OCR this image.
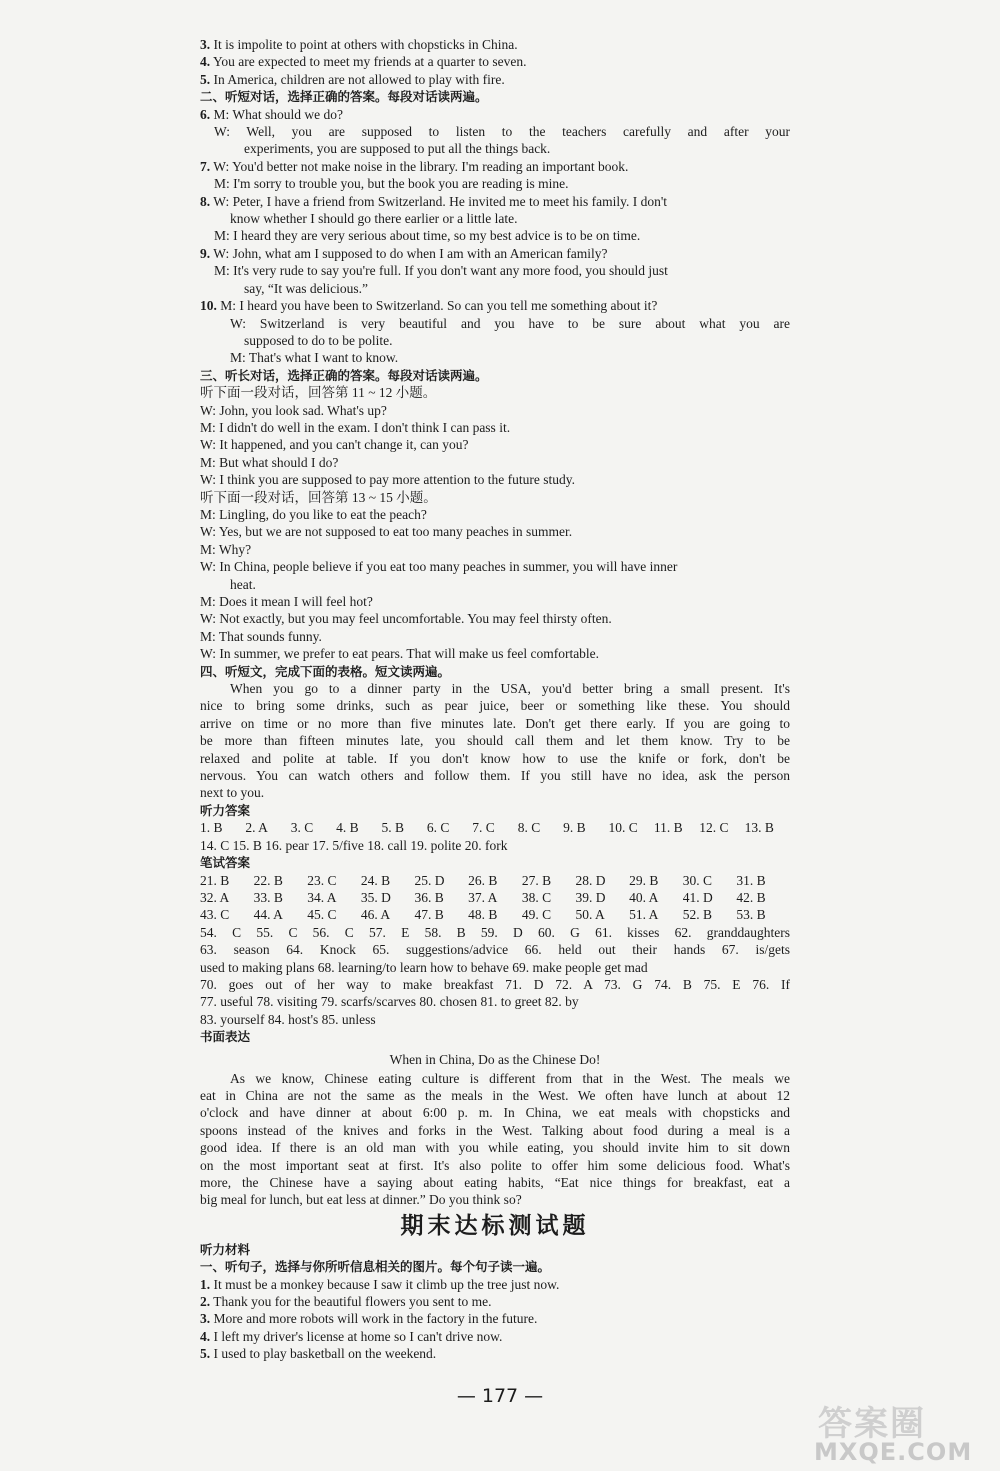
3. It is impolite to point at others with chopsticks in China.
4. You are expected to meet my friends at a quarter to seven.
5. In America, children are not allowed to play with fire.
二、听短对话，选择正确的答案。每段对话读两遍。
6. M: What should we do?
W: Well, you are supposed to listen to the teachers carefully and after your
experiments, you are supposed to put all the things back.
7. W: You'd better not make noise in the library. I'm reading an important book.
M: I'm sorry to trouble you, but the book you are reading is mine.
8. W: Peter, I have a friend from Switzerland. He invited me to meet his family. I don't
know whether I should go there earlier or a little late.
M: I heard they are very serious about time, so my best advice is to be on time.
9. W: John, what am I supposed to do when I am with an American family?
M: It's very rude to say you're full. If you don't want any more food, you should just
say, “It was delicious.”
10. M: I heard you have been to Switzerland. So can you tell me something about it?
W: Switzerland is very beautiful and you have to be sure about what you are
supposed to do to be polite.
M: That's what I want to know.
三、听长对话，选择正确的答案。每段对话读两遍。
听下面一段对话，回答第 11 ~ 12 小题。
W: John, you look sad. What's up?
M: I didn't do well in the exam. I don't think I can pass it.
W: It happened, and you can't change it, can you?
M: But what should I do?
W: I think you are supposed to pay more attention to the future study.
听下面一段对话，回答第 13 ~ 15 小题。
M: Lingling, do you like to eat the peach?
W: Yes, but we are not supposed to eat too many peaches in summer.
M: Why?
W: In China, people believe if you eat too many peaches in summer, you will have inner
heat.
M: Does it mean I will feel hot?
W: Not exactly, but you may feel uncomfortable. You may feel thirsty often.
M: That sounds funny.
W: In summer, we prefer to eat pears. That will make us feel comfortable.
四、听短文，完成下面的表格。短文读两遍。
When you go to a dinner party in the USA, you'd better bring a small present. It's
nice to bring some drinks, such as pear juice, beer or something like these. You should
arrive on time or no more than five minutes late. Don't get there early. If you are going to
be more than fifteen minutes late, you should call them and let them know. Try to be
relaxed and polite at table. If you don't know how to use the knife or fork, don't be
nervous. You can watch others and follow them. If you still have no idea, ask the person
next to you.
听力答案
1. B	2. A	3. C	4. B	5. B	6. C	7. C	8. C	9. B	10. C	11. B	12. C	13. B
14. C 15. B 16. pear 17. 5/five 18. call 19. polite 20. fork
笔试答案
21. B	22. B	23. C	24. B	25. D	26. B	27. B	28. D	29. B	30. C	31. B
32. A	33. B	34. A	35. D	36. B	37. A	38. C	39. D	40. A	41. D	42. B
43. C	44. A	45. C	46. A	47. B	48. B	49. C	50. A	51. A	52. B	53. B
54. C 55. C 56. C 57. E 58. B 59. D 60. G 61. kisses 62. granddaughters
63. season 64. Knock 65. suggestions/advice 66. held out their hands 67. is/gets
used to making plans 68. learning/to learn how to behave 69. make people get mad
70. goes out of her way to make breakfast 71. D 72. A 73. G 74. B 75. E 76. If
77. useful 78. visiting 79. scarfs/scarves 80. chosen 81. to greet 82. by
83. yourself 84. host's 85. unless
书面表达
When in China, Do as the Chinese Do!
As we know, Chinese eating culture is different from that in the West. The meals we
eat in China are not the same as the meals in the West. We often have lunch at about 12
o'clock and have dinner at about 6:00 p. m. In China, we eat meals with chopsticks and
spoons instead of the knives and forks in the West. Talking about food during a meal is a
good idea. If there is an old man with you while eating, you should invite him to sit down
on the most important seat at first. It's also polite to offer him some delicious food. What's
more, the Chinese have a saying about eating habits, “Eat nice things for breakfast, eat a
big meal for lunch, but eat less at dinner.” Do you think so?
期末达标测试题
听力材料
一、听句子，选择与你所听信息相关的图片。每个句子读一遍。
1. It must be a monkey because I saw it climb up the tree just now.
2. Thank you for the beautiful flowers you sent to me.
3. More and more robots will work in the factory in the future.
4. I left my driver's license at home so I can't drive now.
5. I used to play basketball on the weekend.
— 177 —
答案圈
MXQE.COM
